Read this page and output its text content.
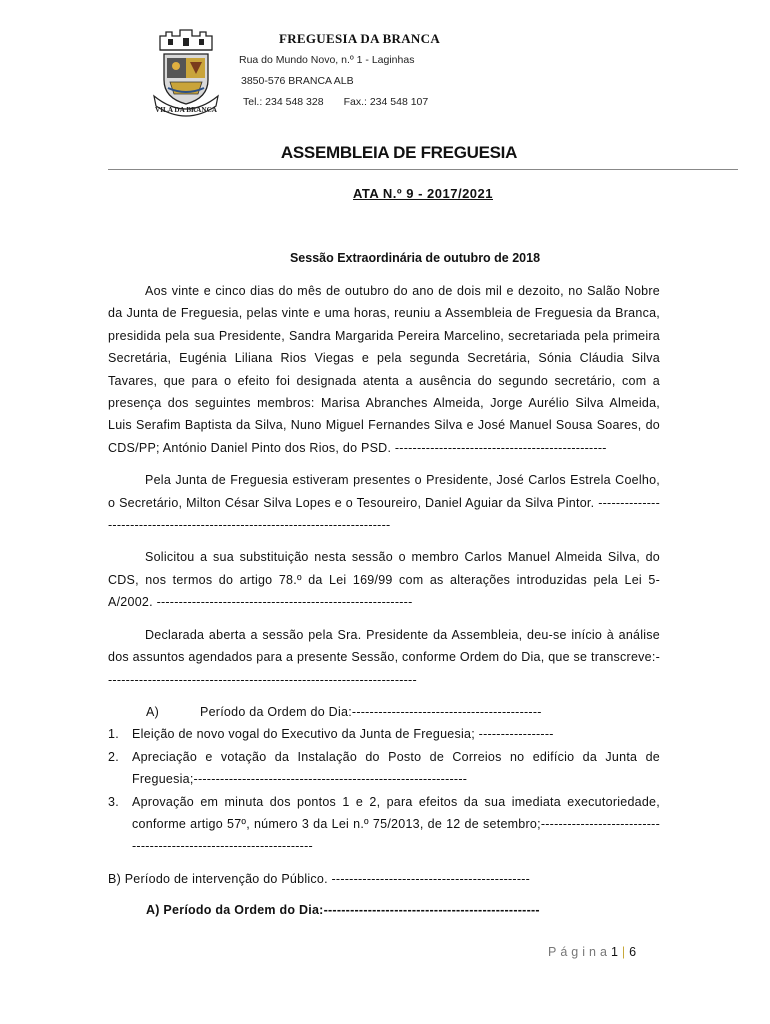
VILA DA BRANCA
FREGUESIA DA BRANCA
Rua do Mundo Novo, n.º 1 - Laginhas
3850-576 BRANCA ALB
Tel.: 234 548 328 Fax.: 234 548 107
ASSEMBLEIA DE FREGUESIA
ATA N.º 9 - 2017/2021
Sessão Extraordinária de outubro de 2018

Aos vinte e cinco dias do mês de outubro do ano de dois mil e dezoito, no Salão Nobre da Junta de Freguesia, pelas vinte e uma horas, reuniu a Assembleia de Freguesia da Branca, presidida pela sua Presidente, Sandra Margarida Pereira Marcelino, secretariada pela primeira Secretária, Eugénia Liliana Rios Viegas e pela segunda Secretária, Sónia Cláudia Silva Tavares, que para o efeito foi designada atenta a ausência do segundo secretário, com a presença dos seguintes membros: Marisa Abranches Almeida, Jorge Aurélio Silva Almeida, Luis Serafim Baptista da Silva, Nuno Miguel Fernandes Silva e José Manuel Sousa Soares, do CDS/PP; António Daniel Pinto dos Rios, do PSD. ------------------------------------------------

Pela Junta de Freguesia estiveram presentes o Presidente, José Carlos Estrela Coelho, o Secretário, Milton César Silva Lopes e o Tesoureiro, Daniel Aguiar da Silva Pintor. ------------------------------------------------------------------------------

Solicitou a sua substituição nesta sessão o membro Carlos Manuel Almeida Silva, do CDS, nos termos do artigo 78.º da Lei 169/99 com as alterações introduzidas pela Lei 5-A/2002. ----------------------------------------------------------

Declarada aberta a sessão pela Sra. Presidente da Assembleia, deu-se início à análise dos assuntos agendados para a presente Sessão, conforme Ordem do Dia, que se transcreve:-----------------------------------------------------------------------

A)	Período da Ordem do Dia:-------------------------------------------
1. Eleição de novo vogal do Executivo da Junta de Freguesia; -----------------
2. Apreciação e votação da Instalação do Posto de Correios no edifício da Junta de Freguesia;--------------------------------------------------------------
3. Aprovação em minuta dos pontos 1 e 2, para efeitos da sua imediata executoriedade, conforme artigo 57º, número 3 da Lei n.º 75/2013, de 12 de setembro;--------------------------------------------------------------------

B) Período de intervenção do Público. ---------------------------------------------

A) Período da Ordem do Dia:-------------------------------------------------

Página1 | 6
